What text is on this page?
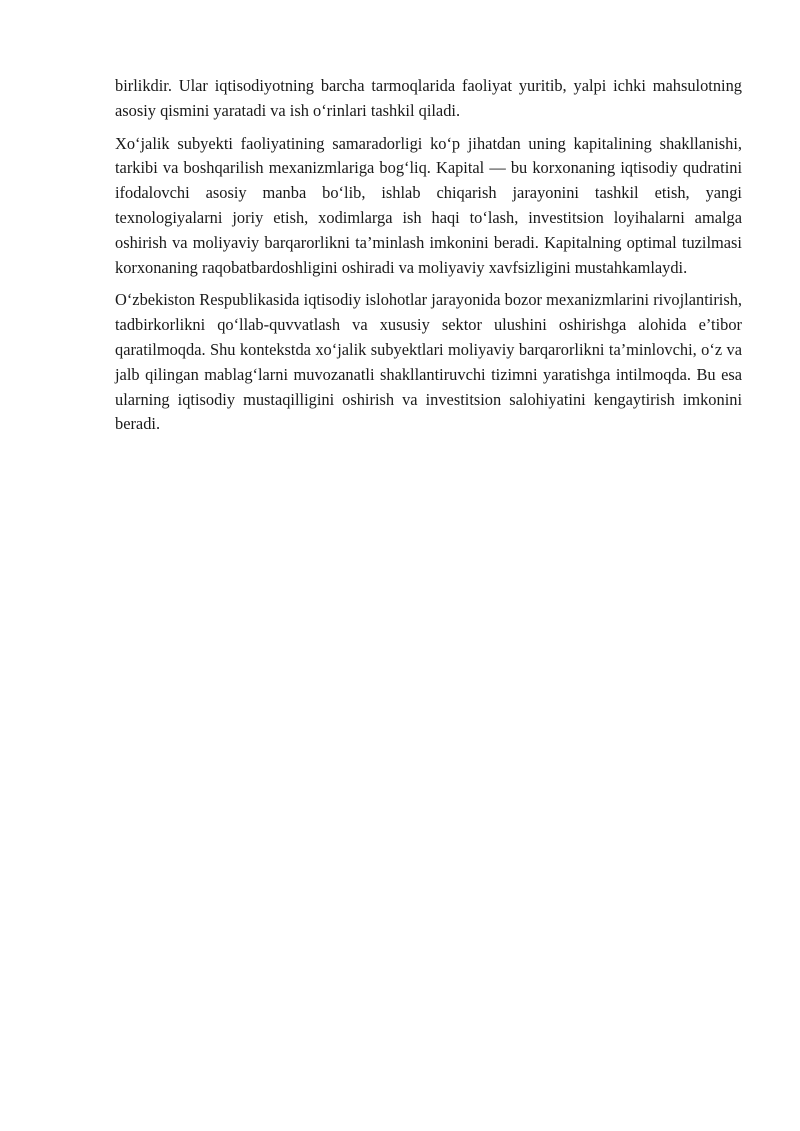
birlikdir. Ular iqtisodiyotning barcha tarmoqlarida faoliyat yuritib, yalpi ichki mahsulotning asosiy qismini yaratadi va ish o‘rinlari tashkil qiladi.

Xo‘jalik subyekti faoliyatining samaradorligi ko‘p jihatdan uning kapitalining shakllanishi, tarkibi va boshqarilish mexanizmlariga bog‘liq. Kapital — bu korxonaning iqtisodiy qudratini ifodalovchi asosiy manba bo‘lib, ishlab chiqarish jarayonini tashkil etish, yangi texnologiyalarni joriy etish, xodimlarga ish haqi to‘lash, investitsion loyihalarni amalga oshirish va moliyaviy barqarorlikni ta’minlash imkonini beradi. Kapitalning optimal tuzilmasi korxonaning raqobatbardoshligini oshiradi va moliyaviy xavfsizligini mustahkamlaydi.

O‘zbekiston Respublikasida iqtisodiy islohotlar jarayonida bozor mexanizmlarini rivojlantirish, tadbirkorlikni qo‘llab-quvvatlash va xususiy sektor ulushini oshirishga alohida e’tibor qaratilmoqda. Shu kontekstda xo‘jalik subyektlari moliyaviy barqarorlikni ta’minlovchi, o‘z va jalb qilingan mablag‘larni muvozanatli shakllantiruvchi tizimni yaratishga intilmoqda. Bu esa ularning iqtisodiy mustaqilligini oshirish va investitsion salohiyatini kengaytirish imkonini beradi.
